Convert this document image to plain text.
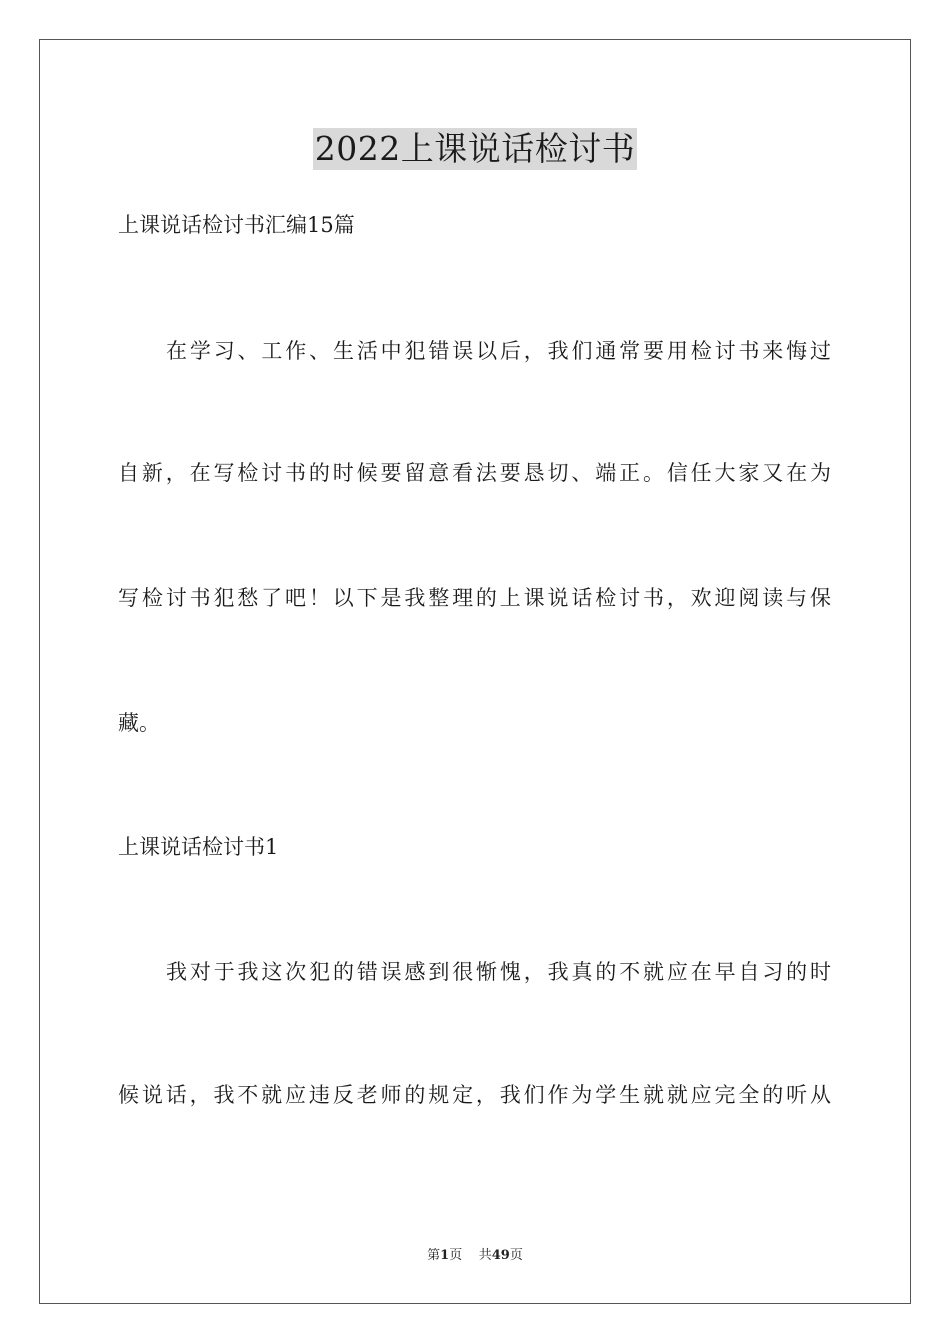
2022上课说话检讨书
上课说话检讨书汇编15篇
在学习、工作、生活中犯错误以后，我们通常要用检讨书来悔过
自新，在写检讨书的时候要留意看法要恳切、端正。信任大家又在为
写检讨书犯愁了吧！以下是我整理的上课说话检讨书，欢迎阅读与保
藏。
上课说话检讨书1
我对于我这次犯的错误感到很惭愧，我真的不就应在早自习的时
候说话，我不就应违反老师的规定，我们作为学生就就应完全的听从
第1页 共49页
